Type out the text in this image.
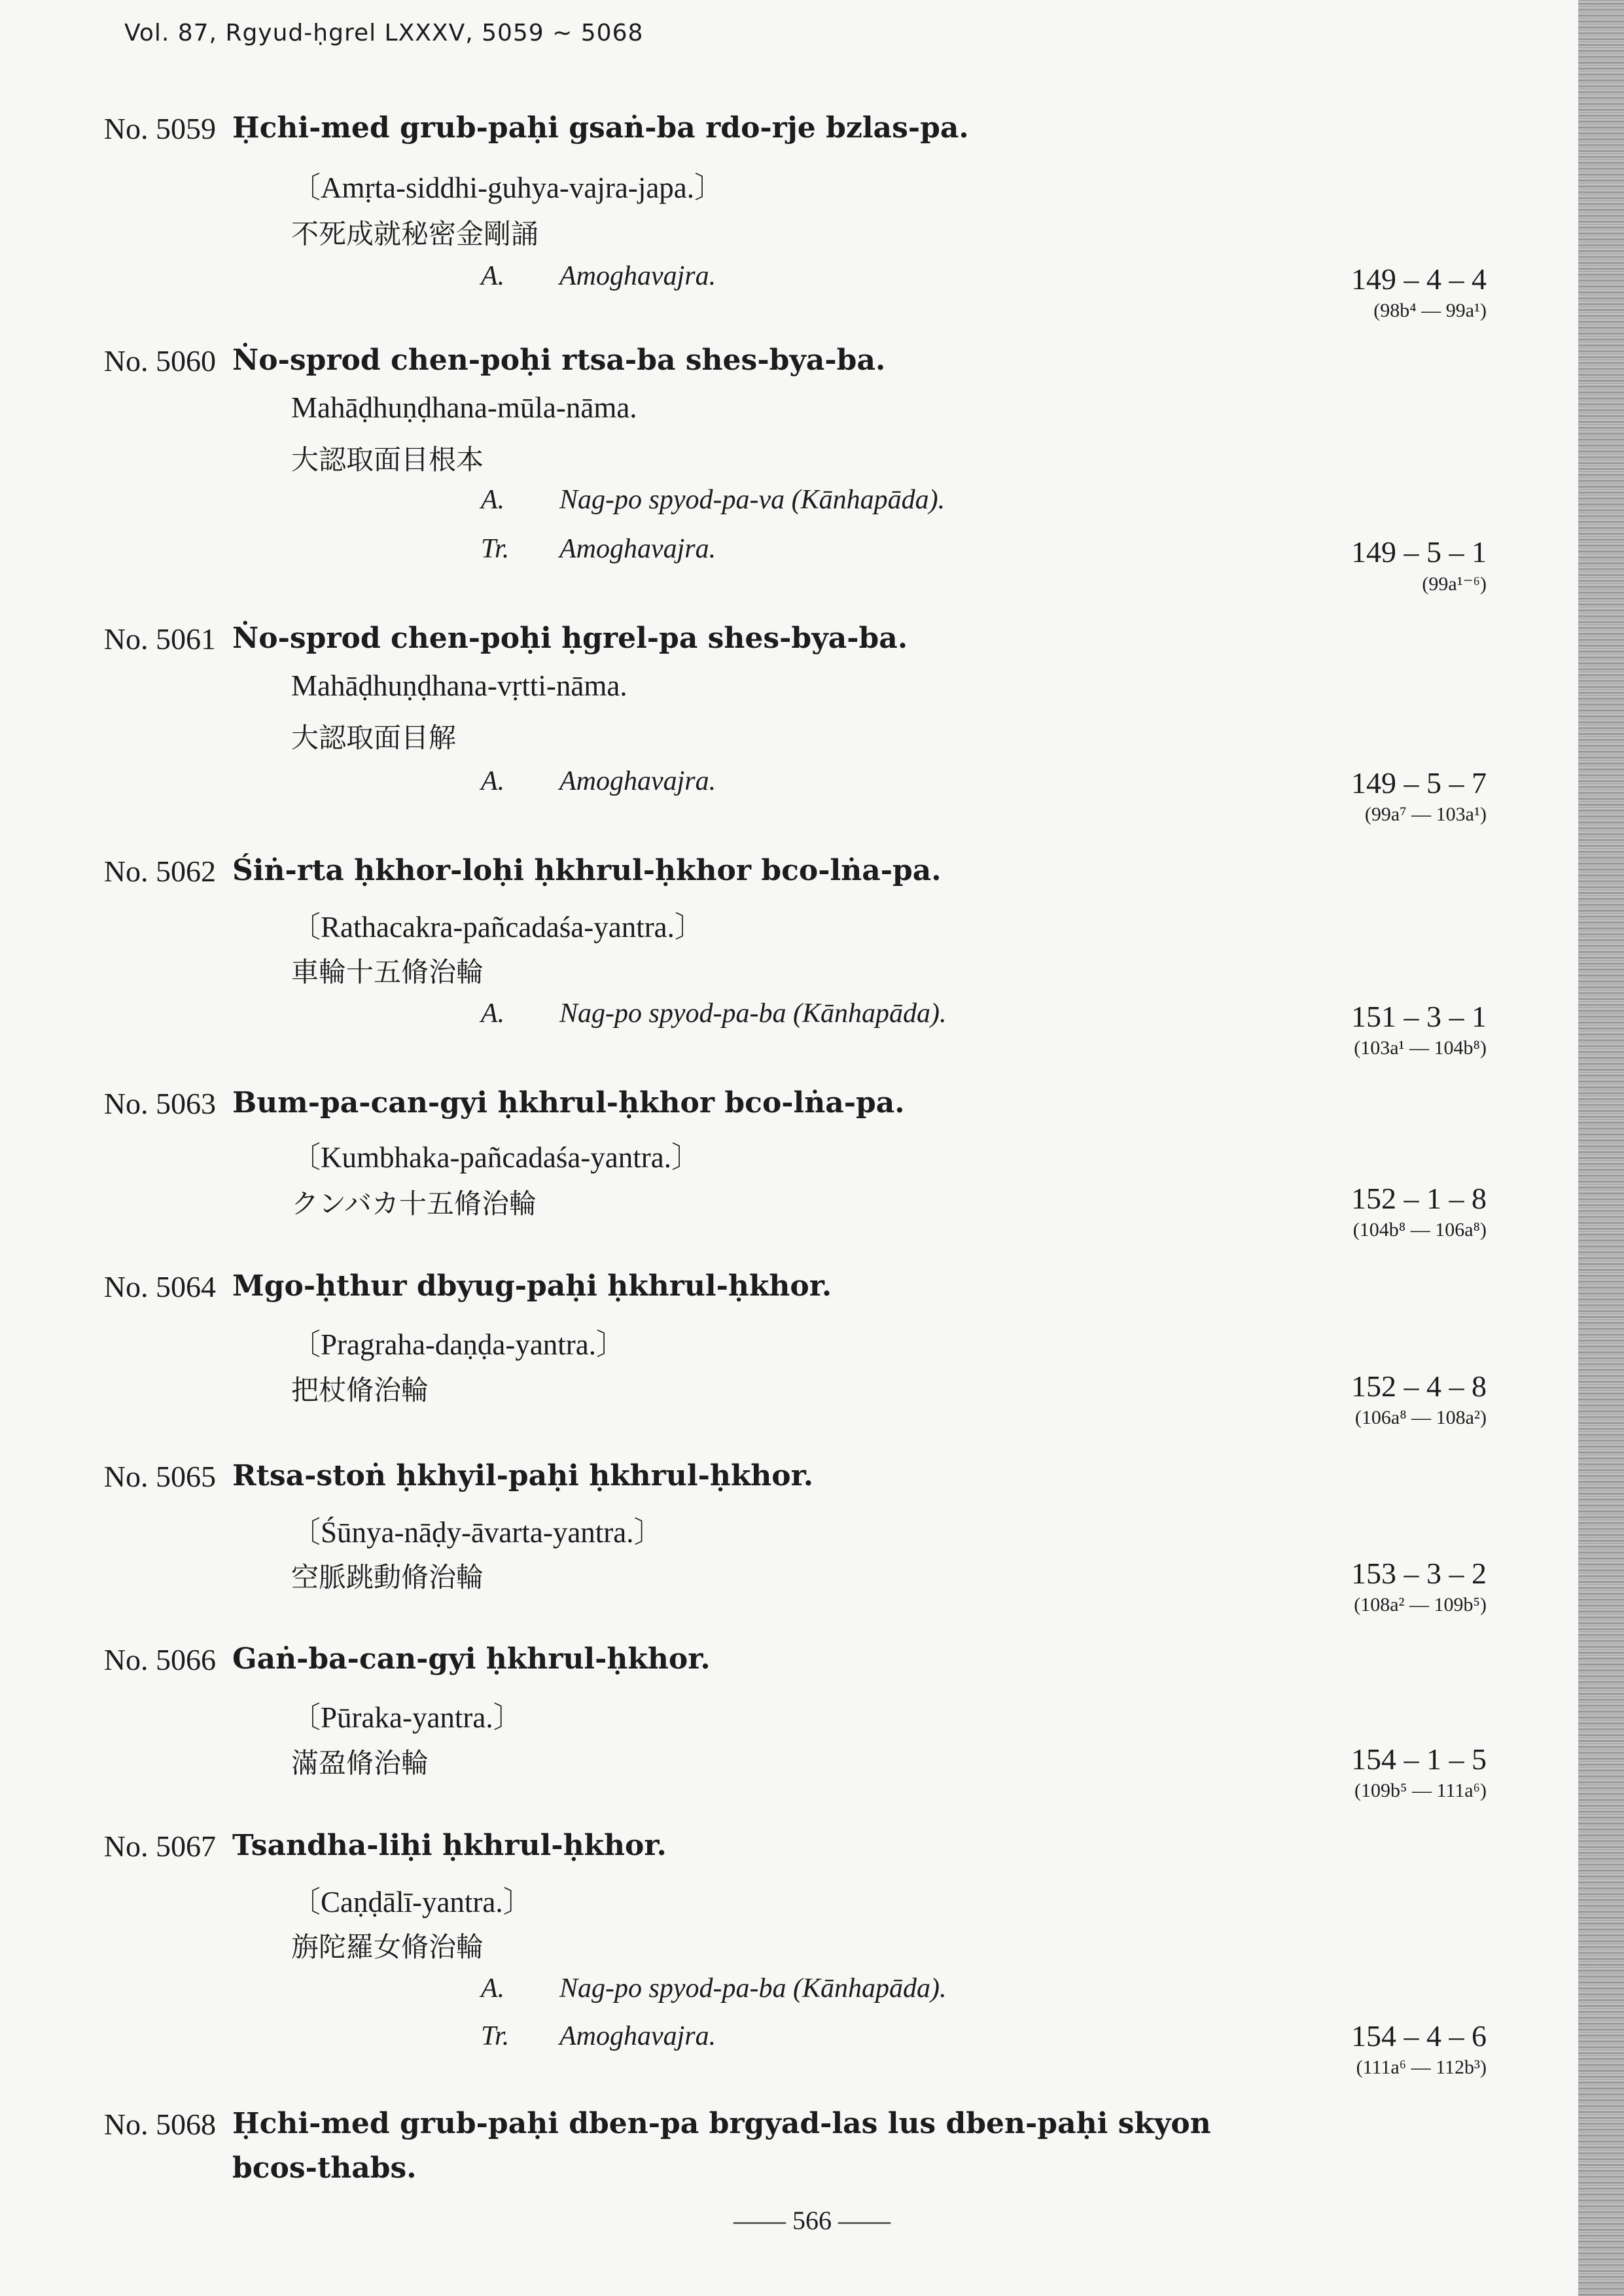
Vol. 87, Rgyud-ḥgrel LXXXV, 5059 ∼ 5068
No. 5059 Ḥchi-med grub-paḥi gsaṅ-ba rdo-rje bzlas-pa.
〔Amṛta-siddhi-guhya-vajra-japa.〕
不死成就秘密金剛誦
A.	Amoghavajra.	149 – 4 – 4
(98b⁴ — 99a¹)
No. 5060 Ṅo-sprod chen-poḥi rtsa-ba shes-bya-ba.
Mahāḍhuṇḍhana-mūla-nāma.
大認取面目根本
A.	Nag-po spyod-pa-va (Kānhapāda).
Tr.	Amoghavajra.	149 – 5 – 1
(99a¹⁻⁶)
No. 5061 Ṅo-sprod chen-poḥi ḥgrel-pa shes-bya-ba.
Mahāḍhuṇḍhana-vṛtti-nāma.
大認取面目解
A.	Amoghavajra.	149 – 5 – 7
(99a⁷ — 103a¹)
No. 5062 Śiṅ-rta ḥkhor-loḥi ḥkhrul-ḥkhor bco-lṅa-pa.
〔Rathacakra-pañcadaśa-yantra.〕
車輪十五脩治輪
A.	Nag-po spyod-pa-ba (Kānhapāda).	151 – 3 – 1
(103a¹ — 104b⁸)
No. 5063 Bum-pa-can-gyi ḥkhrul-ḥkhor bco-lṅa-pa.
〔Kumbhaka-pañcadaśa-yantra.〕
クンバカ十五脩治輪	152 – 1 – 8
(104b⁸ — 106a⁸)
No. 5064 Mgo-ḥthur dbyug-paḥi ḥkhrul-ḥkhor.
〔Pragraha-daṇḍa-yantra.〕
把杖脩治輪	152 – 4 – 8
(106a⁸ — 108a²)
No. 5065 Rtsa-stoṅ ḥkhyil-paḥi ḥkhrul-ḥkhor.
〔Śūnya-nāḍy-āvarta-yantra.〕
空脈跳動脩治輪	153 – 3 – 2
(108a² — 109b⁵)
No. 5066 Gaṅ-ba-can-gyi ḥkhrul-ḥkhor.
〔Pūraka-yantra.〕
滿盈脩治輪	154 – 1 – 5
(109b⁵ — 111a⁶)
No. 5067 Tsandha-liḥi ḥkhrul-ḥkhor.
〔Caṇḍālī-yantra.〕
旃陀羅女脩治輪
A.	Nag-po spyod-pa-ba (Kānhapāda).
Tr.	Amoghavajra.	154 – 4 – 6
(111a⁶ — 112b³)
No. 5068 Ḥchi-med grub-paḥi dben-pa brgyad-las lus dben-paḥi skyon bcos-thabs.
—— 566 ——
